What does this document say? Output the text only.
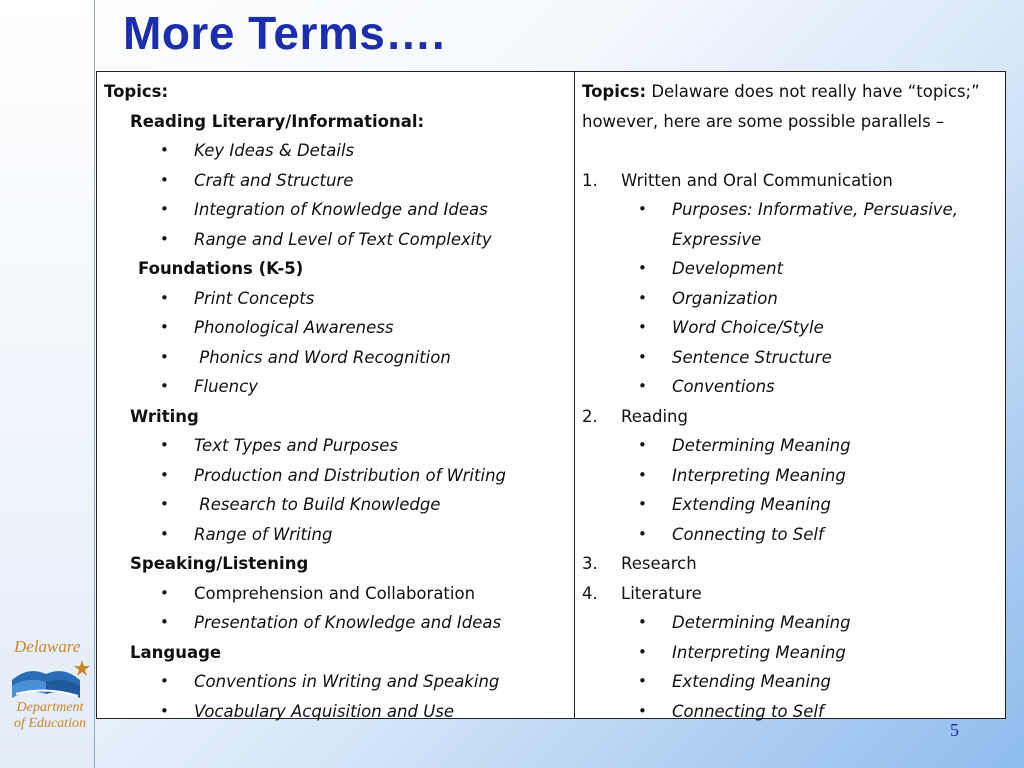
More Terms….
Topics:
Reading Literary/Informational:
• Key Ideas & Details
• Craft and Structure
• Integration of Knowledge and Ideas
• Range and Level of Text Complexity
Foundations (K-5)
• Print Concepts
• Phonological Awareness
•  Phonics and Word Recognition
• Fluency
Writing
• Text Types and Purposes
• Production and Distribution of Writing
•  Research to Build Knowledge
• Range of Writing
Speaking/Listening
• Comprehension and Collaboration
• Presentation of Knowledge and Ideas
Language
• Conventions in Writing and Speaking
• Vocabulary Acquisition and Use
Topics: Delaware does not really have “topics;”
however, here are some possible parallels –
1. Written and Oral Communication
• Purposes: Informative, Persuasive,
Expressive
• Development
• Organization
• Word Choice/Style
• Sentence Structure
• Conventions
2. Reading
• Determining Meaning
• Interpreting Meaning
• Extending Meaning
• Connecting to Self
3. Research
4. Literature
• Determining Meaning
• Interpreting Meaning
• Extending Meaning
• Connecting to Self
Delaware
Department
of Education	5
